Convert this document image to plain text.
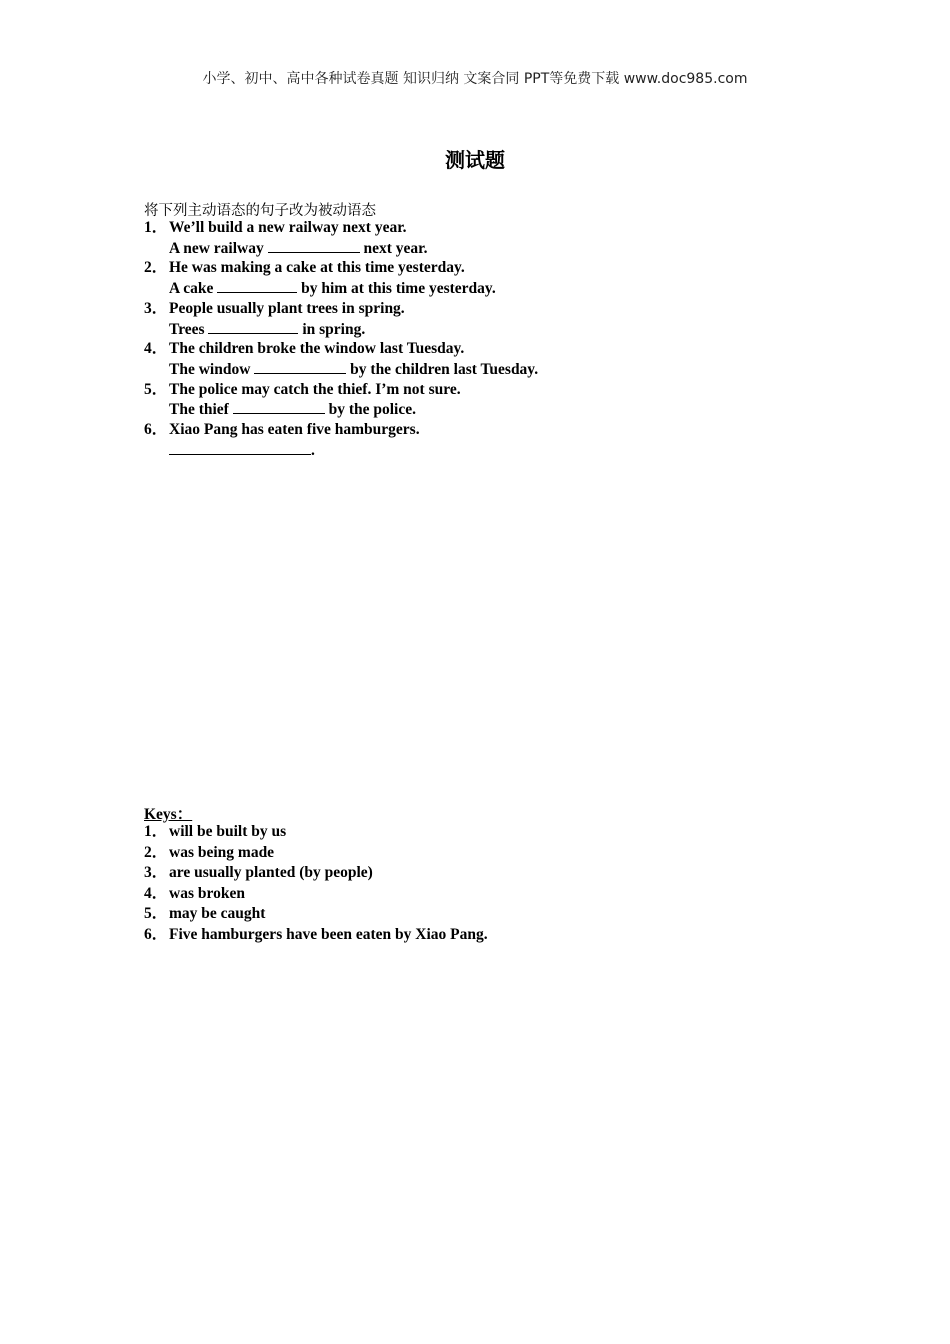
小学、初中、高中各种试卷真题 知识归纳 文案合同 PPT等免费下载 www.doc985.com
测试题
将下列主动语态的句子改为被动语态
1． We’ll build a new railway next year.
A new railway	next year.
2． He was making a cake at this time yesterday.
A cake	by him at this time yesterday.
3． People usually plant trees in spring.
Trees	in spring.
4． The children broke the window last Tuesday.
The window	by the children last Tuesday.
5． The police may catch the thief. I’m not sure.
The thief	by the police.
6． Xiao Pang has eaten five hamburgers.
.
Keys：
1． will be built by us
2． was being made
3． are usually planted (by people)
4． was broken
5． may be caught
6． Five hamburgers have been eaten by Xiao Pang.
